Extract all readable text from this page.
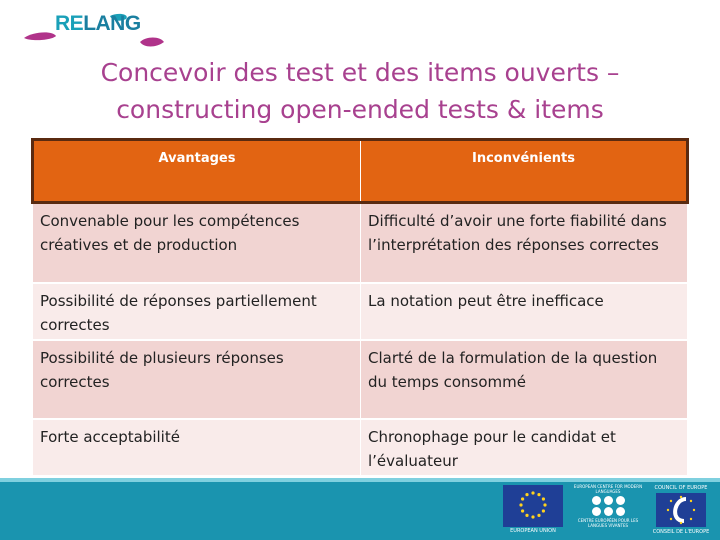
RELANG
Concevoir des test et des items ouverts –
constructing open-ended tests & items
Avantages	Inconvénients
Convenable pour les compétences créatives et de production	Difficulté d’avoir une forte fiabilité dans l’interprétation des réponses correctes
Possibilité de réponses partiellement correctes	La notation peut être inefficace
Possibilité de plusieurs réponses correctes	Clarté de la formulation de la question du temps consommé
Forte acceptabilité	Chronophage pour le candidat et l’évaluateur
EUROPEAN UNION
EUROPEAN CENTRE FOR MODERN LANGUAGES
CENTRE EUROPÉEN POUR LES LANGUES VIVANTES
COUNCIL OF EUROPE
CONSEIL DE L'EUROPE
